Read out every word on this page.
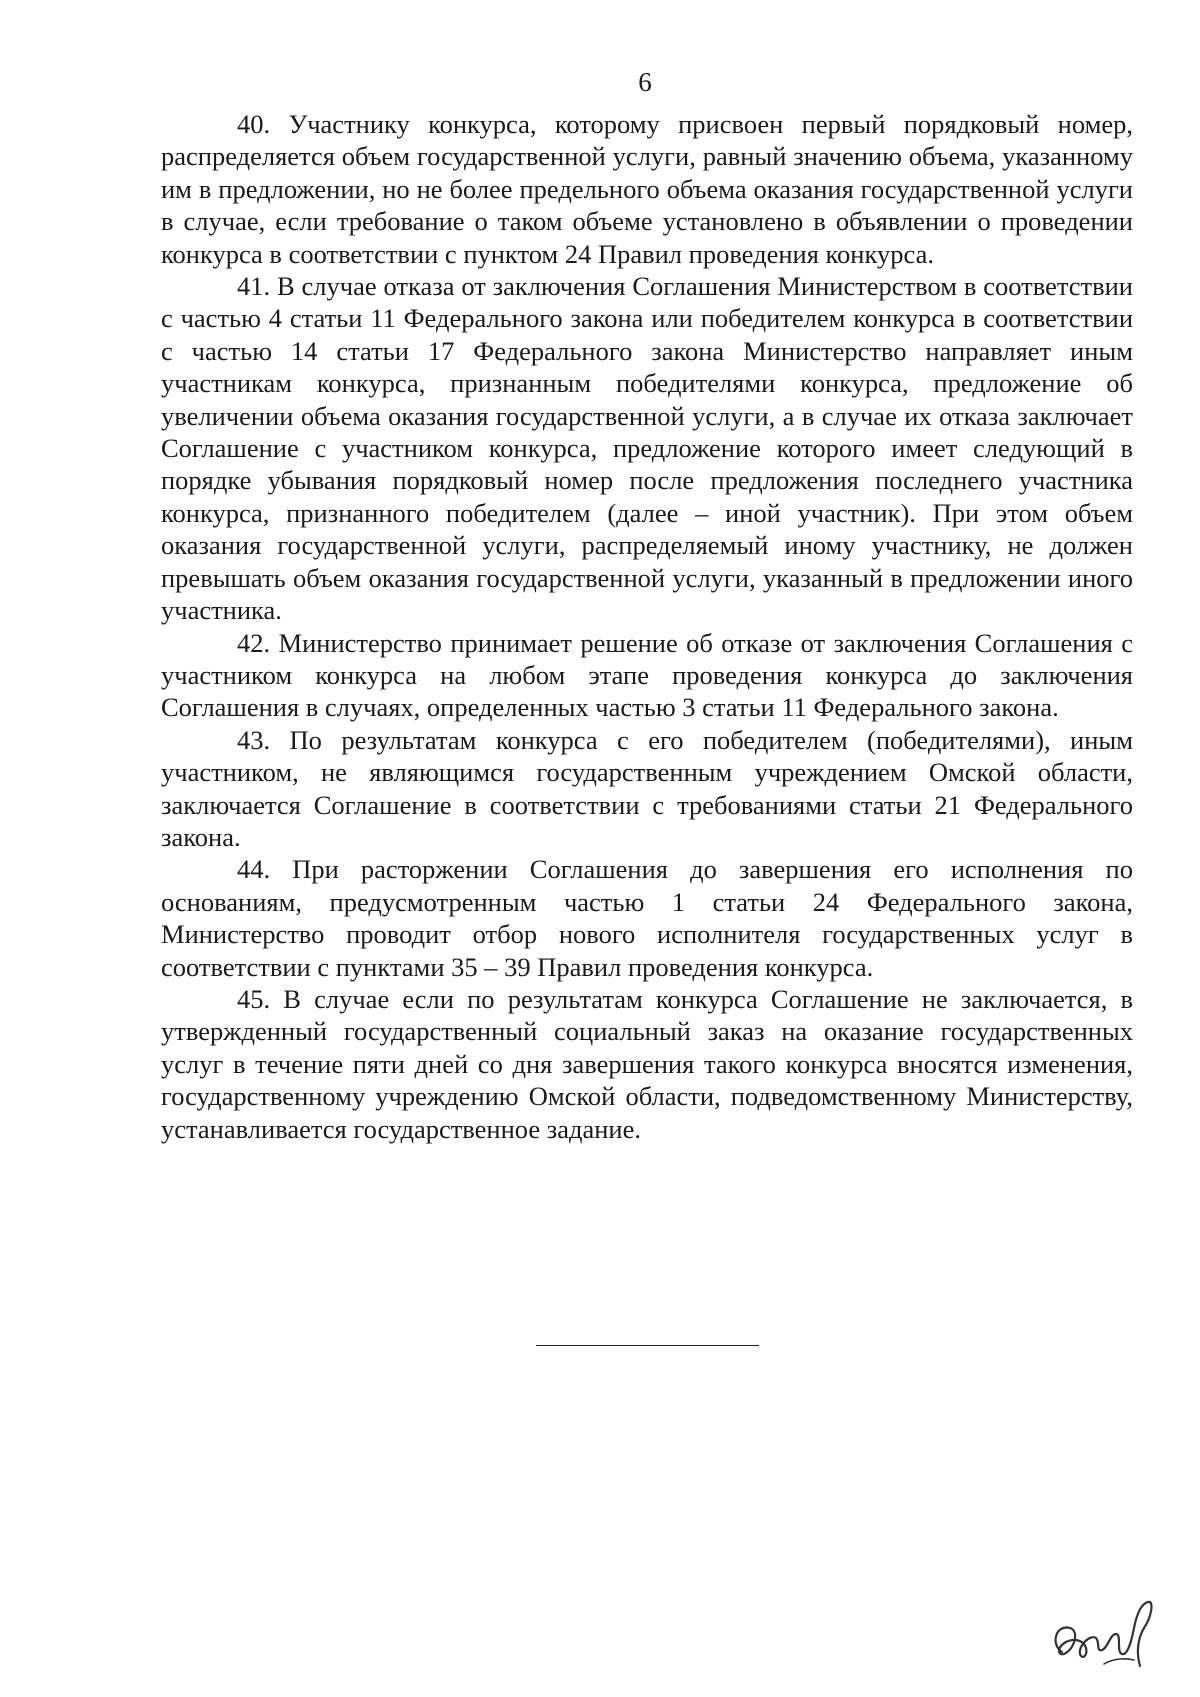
6

40. Участнику конкурса, которому присвоен первый порядковый номер, распределяется объем государственной услуги, равный значению объема, указанному им в предложении, но не более предельного объема оказания государственной услуги в случае, если требование о таком объеме установлено в объявлении о проведении конкурса в соответствии с пунктом 24 Правил проведения конкурса.

41. В случае отказа от заключения Соглашения Министерством в соответствии с частью 4 статьи 11 Федерального закона или победителем конкурса в соответствии с частью 14 статьи 17 Федерального закона Министерство направляет иным участникам конкурса, признанным победителями конкурса, предложение об увеличении объема оказания государственной услуги, а в случае их отказа заключает Соглашение с участником конкурса, предложение которого имеет следующий в порядке убывания порядковый номер после предложения последнего участника конкурса, признанного победителем (далее – иной участник). При этом объем оказания государственной услуги, распределяемый иному участнику, не должен превышать объем оказания государственной услуги, указанный в предложении иного участника.

42. Министерство принимает решение об отказе от заключения Соглашения с участником конкурса на любом этапе проведения конкурса до заключения Соглашения в случаях, определенных частью 3 статьи 11 Федерального закона.

43. По результатам конкурса с его победителем (победителями), иным участником, не являющимся государственным учреждением Омской области, заключается Соглашение в соответствии с требованиями статьи 21 Федерального закона.

44. При расторжении Соглашения до завершения его исполнения по основаниям, предусмотренным частью 1 статьи 24 Федерального закона, Министерство проводит отбор нового исполнителя государственных услуг в соответствии с пунктами 35 – 39 Правил проведения конкурса.

45. В случае если по результатам конкурса Соглашение не заключается, в утвержденный государственный социальный заказ на оказание государственных услуг в течение пяти дней со дня завершения такого конкурса вносятся изменения, государственному учреждению Омской области, подведомственному Министерству, устанавливается государственное задание.
